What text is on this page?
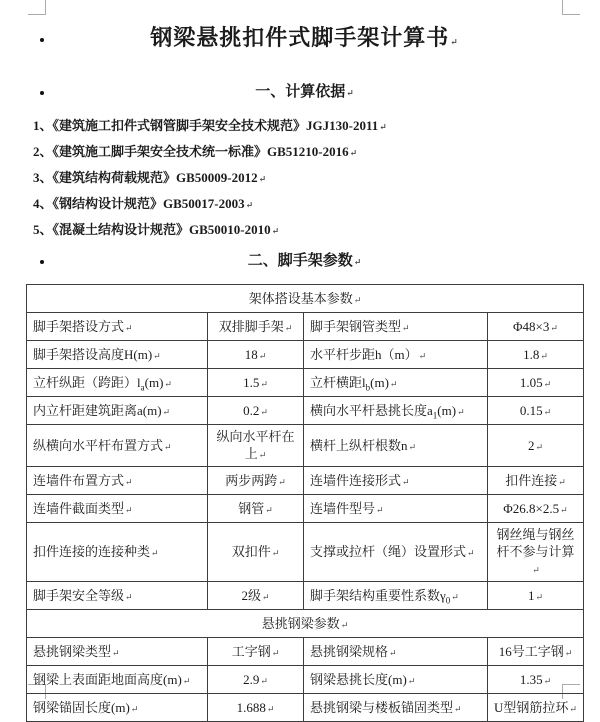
钢梁悬挑扣件式脚手架计算书↵
一、计算依据↵
1、《建筑施工扣件式钢管脚手架安全技术规范》JGJ130-2011↵
2、《建筑施工脚手架安全技术统一标准》GB51210-2016↵
3、《建筑结构荷载规范》GB50009-2012↵
4、《钢结构设计规范》GB50017-2003↵
5、《混凝土结构设计规范》GB50010-2010↵
二、脚手架参数↵
架体搭设基本参数↵			
脚手架搭设方式↵	双排脚手架↵	脚手架钢管类型↵	Φ48×3↵
脚手架搭设高度H(m)↵	18↵	水平杆步距h（m）↵	1.8↵
立杆纵距（跨距）$l_a(m)↵$	1.5↵	立杆横距$l_b(m)↵$	1.05↵
内立杆距建筑距离a(m)↵	0.2↵	横向水平杆悬挑长度$a_1(m)↵$	0.15↵
纵横向水平杆布置方式↵	纵向水平杆在上↵	横杆上纵杆根数n↵	2↵
连墙件布置方式↵	两步两跨↵	连墙件连接形式↵	扣件连接↵
连墙件截面类型↵	钢管↵	连墙件型号↵	Φ26.8×2.5↵
扣件连接的连接种类↵	双扣件↵	支撑或拉杆（绳）设置形式↵	钢丝绳与钢丝杆不参与计算↵
脚手架安全等级↵	2级↵	脚手架结构重要性系数$\gamma_0↵$	1↵
悬挑钢梁参数↵			
悬挑钢梁类型↵	工字钢↵	悬挑钢梁规格↵	16号工字钢↵
钢梁上表面距地面高度(m)↵	2.9↵	钢梁悬挑长度(m)↵	1.35↵
钢梁锚固长度(m)↵	1.688↵	悬挑钢梁与楼板锚固类型↵	U型钢筋拉环↵
